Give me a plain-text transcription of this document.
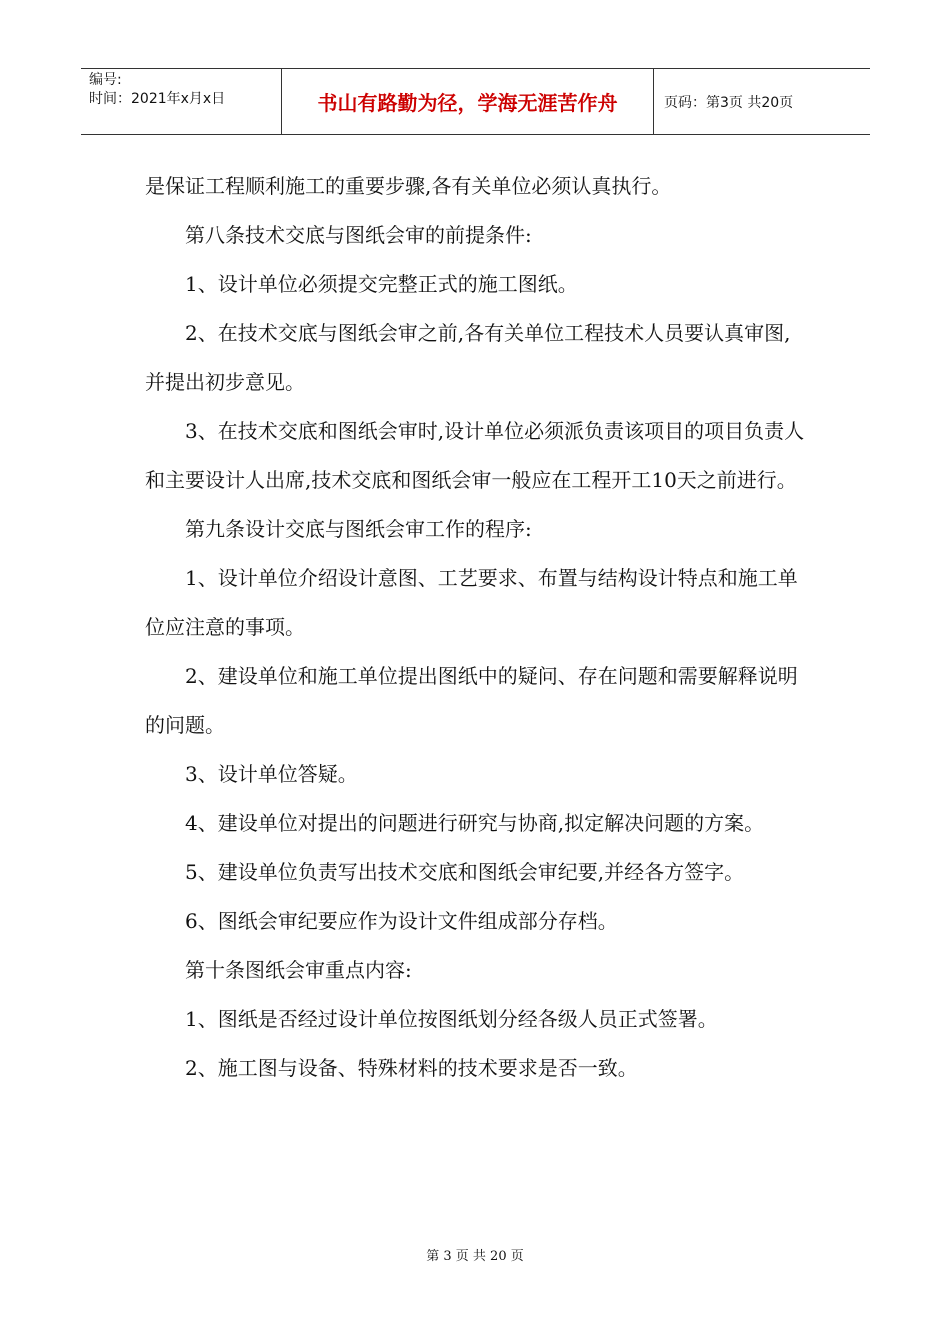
编号:
时间：2021年x月x日	书山有路勤为径，学海无涯苦作舟	页码：第3页 共20页

是保证工程顺利施工的重要步骤,各有关单位必须认真执行。

第八条技术交底与图纸会审的前提条件:

1、设计单位必须提交完整正式的施工图纸。

2、在技术交底与图纸会审之前,各有关单位工程技术人员要认真审图,并提出初步意见。

3、在技术交底和图纸会审时,设计单位必须派负责该项目的项目负责人和主要设计人出席,技术交底和图纸会审一般应在工程开工10天之前进行。

第九条设计交底与图纸会审工作的程序:

1、设计单位介绍设计意图、工艺要求、布置与结构设计特点和施工单位应注意的事项。

2、建设单位和施工单位提出图纸中的疑问、存在问题和需要解释说明的问题。

3、设计单位答疑。

4、建设单位对提出的问题进行研究与协商,拟定解决问题的方案。

5、建设单位负责写出技术交底和图纸会审纪要,并经各方签字。

6、图纸会审纪要应作为设计文件组成部分存档。

第十条图纸会审重点内容:

1、图纸是否经过设计单位按图纸划分经各级人员正式签署。

2、施工图与设备、特殊材料的技术要求是否一致。

第 3 页 共 20 页
